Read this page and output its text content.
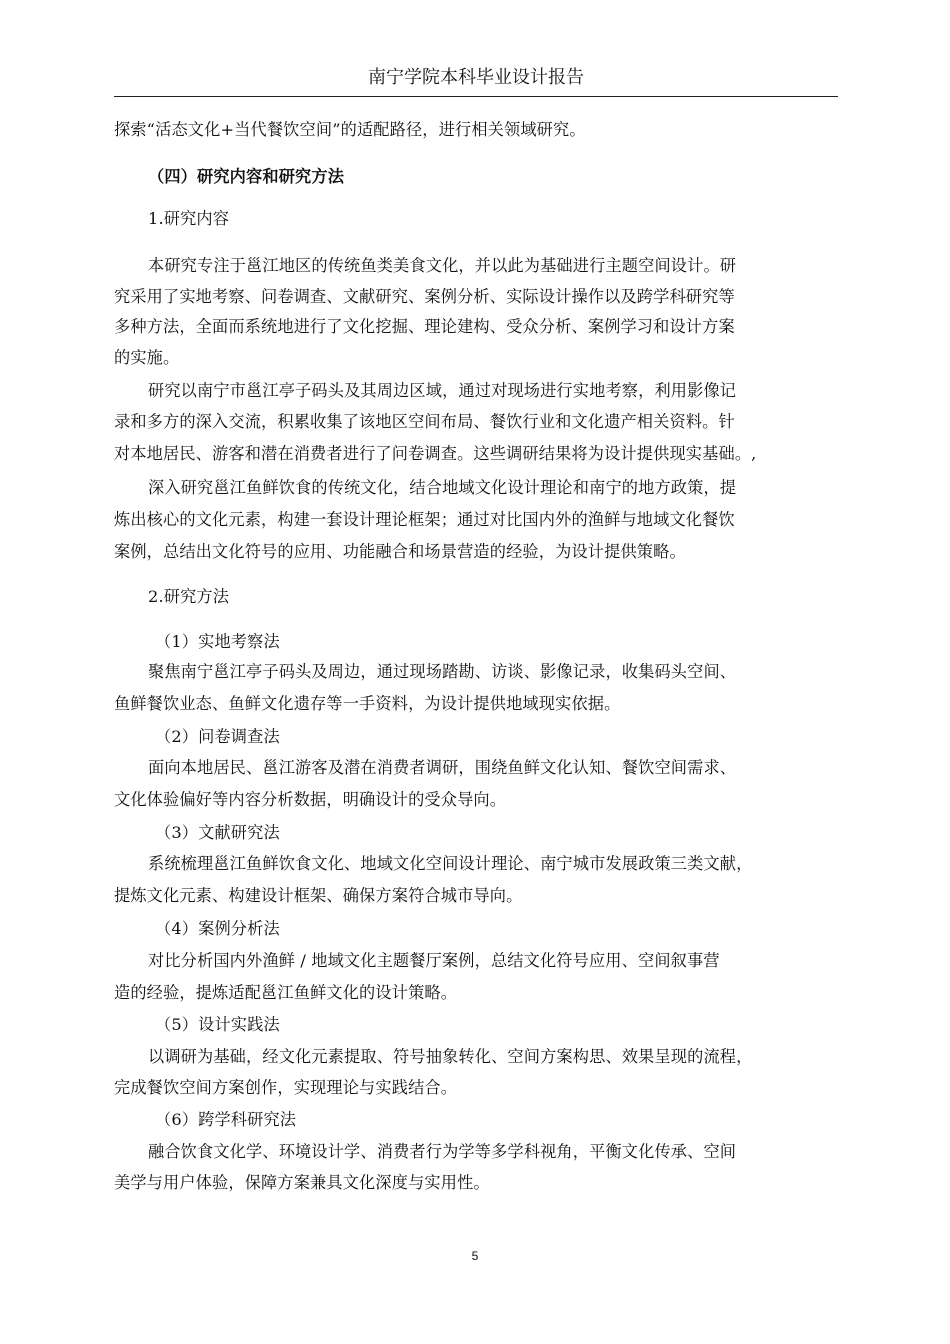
南宁学院本科毕业设计报告
探索“活态文化+当代餐饮空间”的适配路径，进行相关领域研究。
（四）研究内容和研究方法
1.研究内容
本研究专注于邕江地区的传统鱼类美食文化，并以此为基础进行主题空间设计。研
究采用了实地考察、问卷调查、文献研究、案例分析、实际设计操作以及跨学科研究等
多种方法，全面而系统地进行了文化挖掘、理论建构、受众分析、案例学习和设计方案
的实施。
研究以南宁市邕江亭子码头及其周边区域，通过对现场进行实地考察，利用影像记
录和多方的深入交流，积累收集了该地区空间布局、餐饮行业和文化遗产相关资料。针
对本地居民、游客和潜在消费者进行了问卷调查。这些调研结果将为设计提供现实基础。,
深入研究邕江鱼鲜饮食的传统文化，结合地域文化设计理论和南宁的地方政策，提
炼出核心的文化元素，构建一套设计理论框架；通过对比国内外的渔鲜与地域文化餐饮
案例，总结出文化符号的应用、功能融合和场景营造的经验，为设计提供策略。
2.研究方法
（1）实地考察法
聚焦南宁邕江亭子码头及周边，通过现场踏勘、访谈、影像记录，收集码头空间、
鱼鲜餐饮业态、鱼鲜文化遗存等一手资料，为设计提供地域现实依据。
（2）问卷调查法
面向本地居民、邕江游客及潜在消费者调研，围绕鱼鲜文化认知、餐饮空间需求、
文化体验偏好等内容分析数据，明确设计的受众导向。
（3）文献研究法
系统梳理邕江鱼鲜饮食文化、地域文化空间设计理论、南宁城市发展政策三类文献，
提炼文化元素、构建设计框架、确保方案符合城市导向。
（4）案例分析法
对比分析国内外渔鲜 / 地域文化主题餐厅案例，总结文化符号应用、空间叙事营
造的经验，提炼适配邕江鱼鲜文化的设计策略。
（5）设计实践法
以调研为基础，经文化元素提取、符号抽象转化、空间方案构思、效果呈现的流程，
完成餐饮空间方案创作，实现理论与实践结合。
（6）跨学科研究法
融合饮食文化学、环境设计学、消费者行为学等多学科视角，平衡文化传承、空间
美学与用户体验，保障方案兼具文化深度与实用性。
5
